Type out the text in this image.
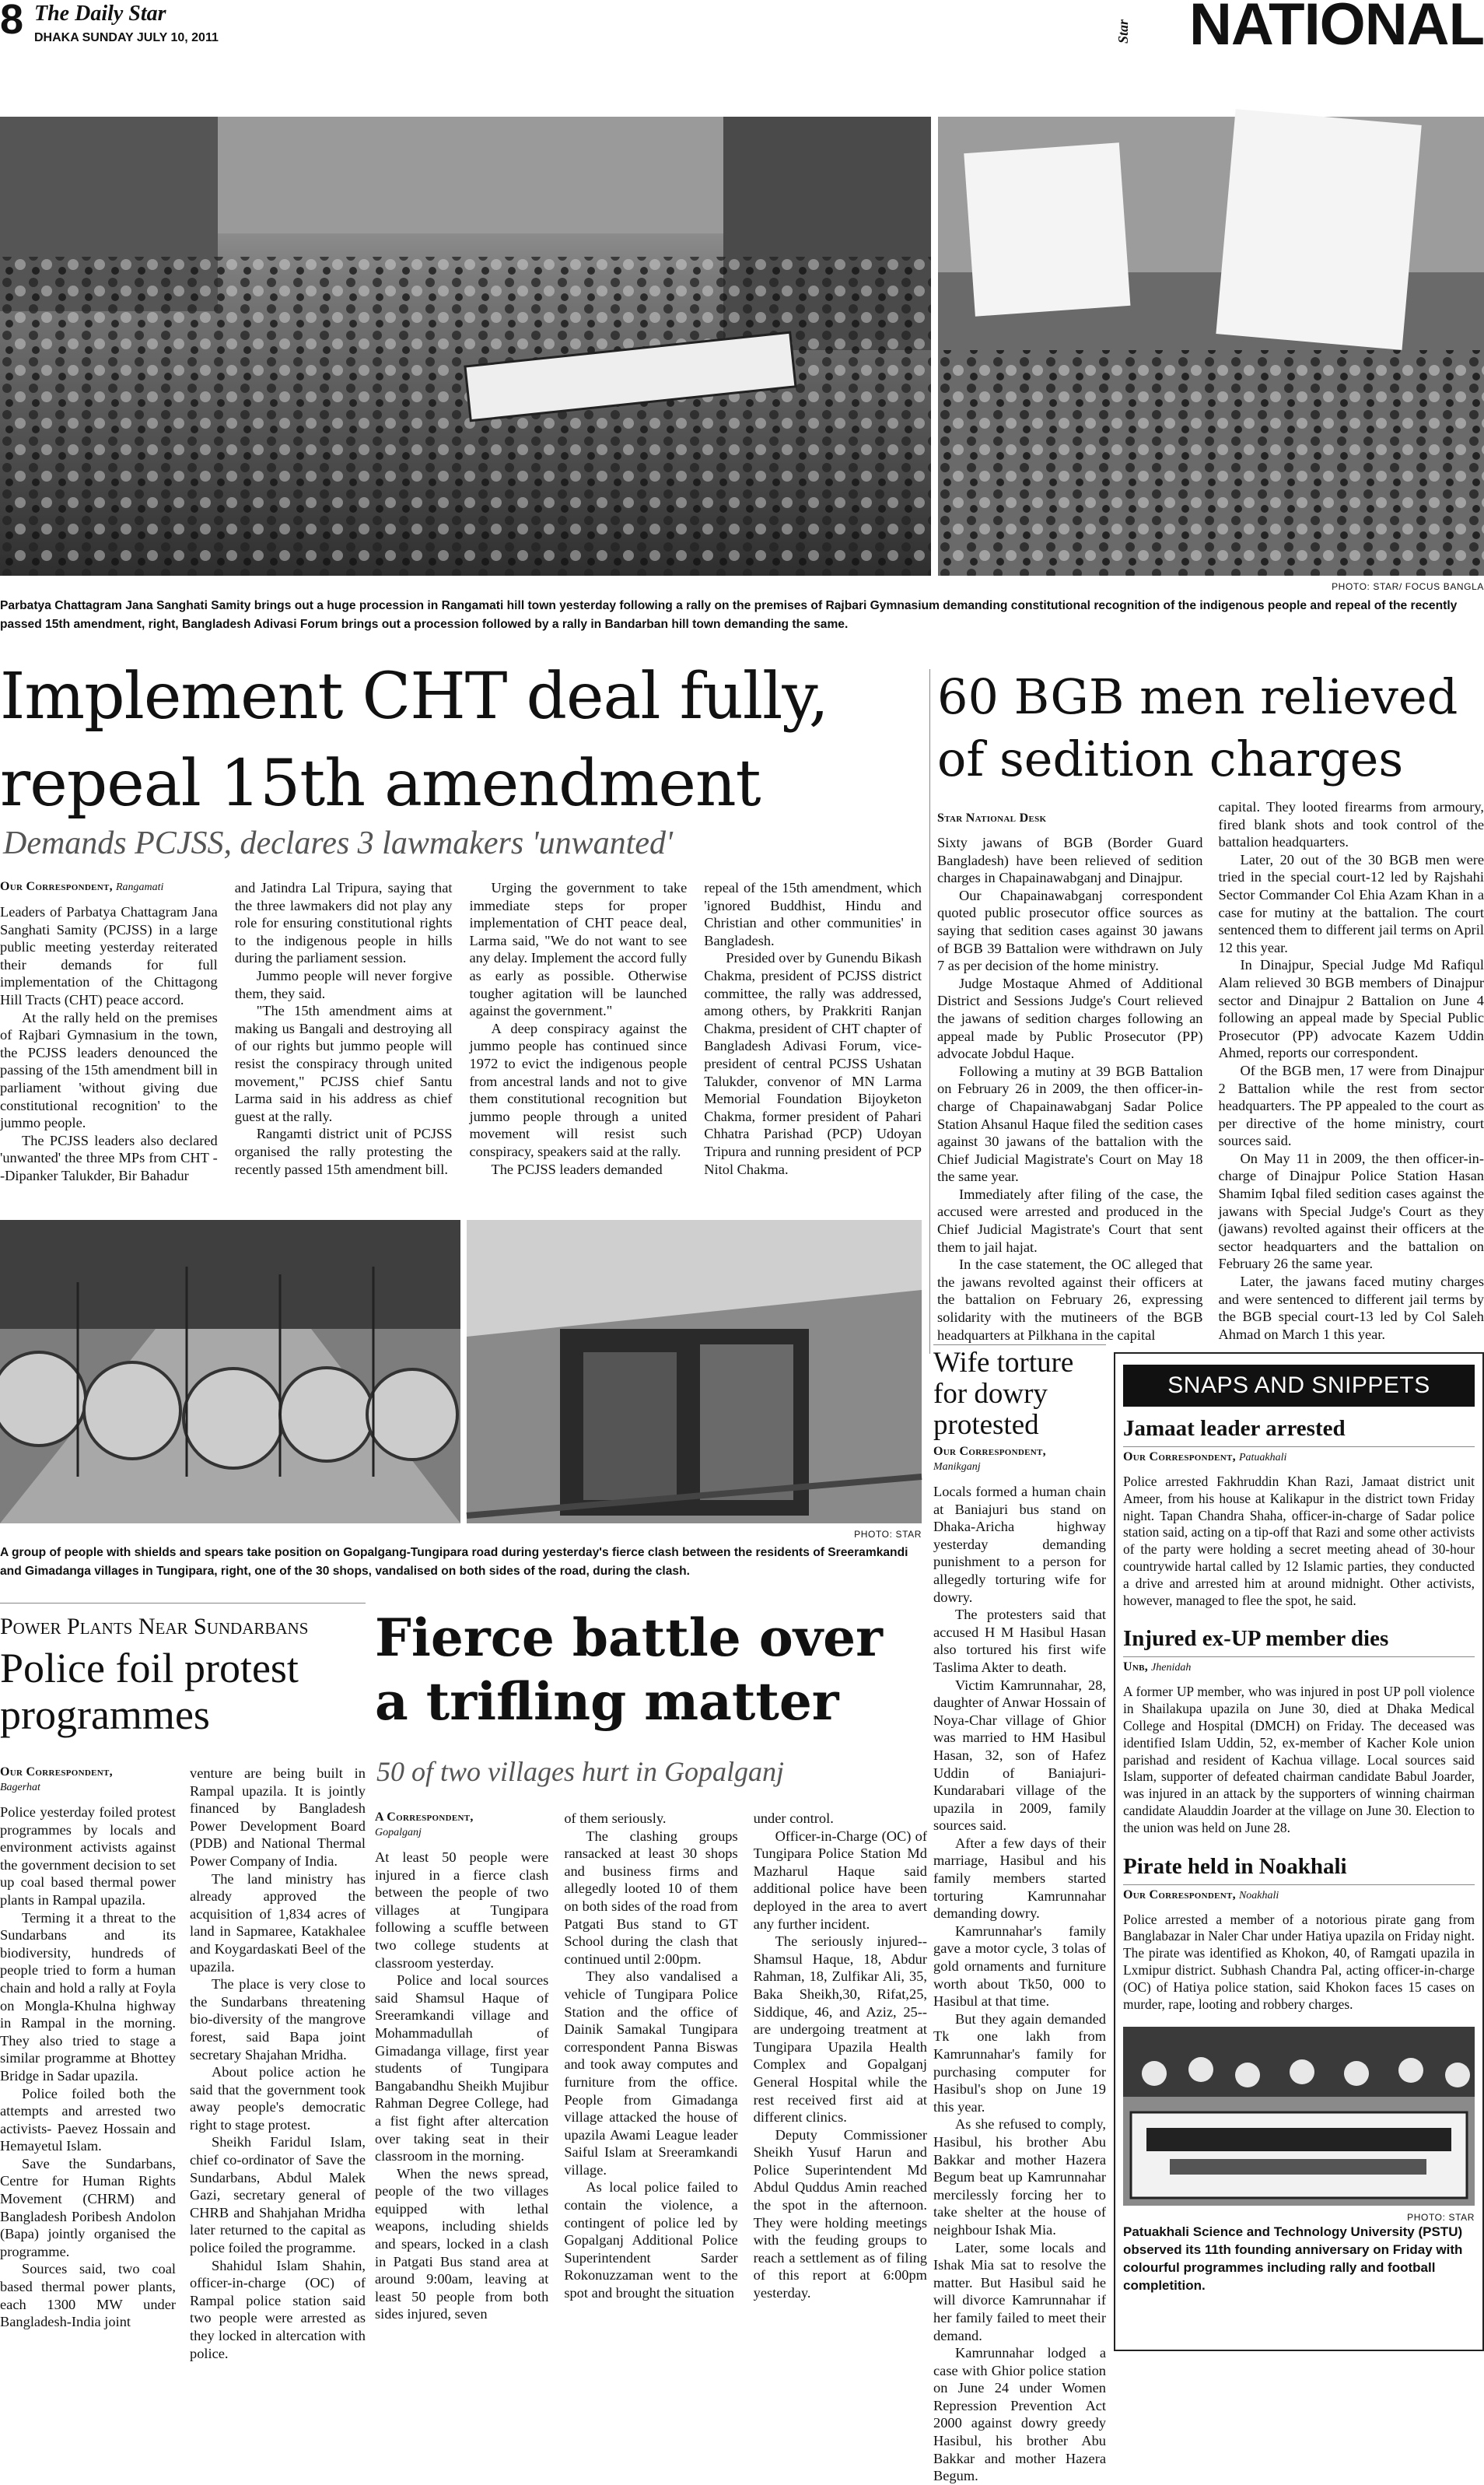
8 The Daily Star
DHAKA SUNDAY JULY 10, 2011	Star NATIONAL
PHOTO: STAR/ FOCUS BANGLA
Parbatya Chattagram Jana Sanghati Samity brings out a huge procession in Rangamati hill town yesterday following a rally on the premises of Rajbari Gymnasium demanding constitutional recognition of the indigenous people and repeal of the recently passed 15th amendment, right, Bangladesh Adivasi Forum brings out a procession followed by a rally in Bandarban hill town demanding the same.
Implement CHT deal fully, repeal 15th amendment
Demands PCJSS, declares 3 lawmakers 'unwanted'
Our Correspondent, Rangamati

Leaders of Parbatya Chattagram Jana Sanghati Samity (PCJSS) in a large public meeting yesterday reiterated their demands for full implementation of the Chittagong Hill Tracts (CHT) peace accord.

At the rally held on the premises of Rajbari Gymnasium in the town, the PCJSS leaders denounced the passing of the 15th amendment bill in parliament 'without giving due constitutional recognition' to the jummo people.

The PCJSS leaders also declared 'unwanted' the three MPs from CHT --Dipanker Talukder, Bir Bahadur

and Jatindra Lal Tripura, saying that the three lawmakers did not play any role for ensuring constitutional rights to the indigenous people in hills during the parliament session.

Jummo people will never forgive them, they said.

"The 15th amendment aims at making us Bangali and destroying all of our rights but jummo people will resist the conspiracy through united movement," PCJSS chief Santu Larma said in his address as chief guest at the rally.

Rangamti district unit of PCJSS organised the rally protesting the recently passed 15th amendment bill.

Urging the government to take immediate steps for proper implementation of CHT peace deal, Larma said, "We do not want to see any delay. Implement the accord fully as early as possible. Otherwise tougher agitation will be launched against the government."

A deep conspiracy against the jummo people has continued since 1972 to evict the indigenous people from ancestral lands and not to give them constitutional recognition but jummo people through a united movement will resist such conspiracy, speakers said at the rally.

The PCJSS leaders demanded

repeal of the 15th amendment, which 'ignored Buddhist, Hindu and Christian and other communities' in Bangladesh.

Presided over by Gunendu Bikash Chakma, president of PCJSS district committee, the rally was addressed, among others, by Prakkriti Ranjan Chakma, president of CHT chapter of Bangladesh Adivasi Forum, vice-president of central PCJSS Ushatan Talukder, convenor of MN Larma Memorial Foundation Bijoyketon Chakma, former president of Pahari Chhatra Parishad (PCP) Udoyan Tripura and running president of PCP Nitol Chakma.

60 BGB men relieved of sedition charges
Star National Desk

Sixty jawans of BGB (Border Guard Bangladesh) have been relieved of sedition charges in Chapainawabganj and Dinajpur.

Our Chapainawabganj correspondent quoted public prosecutor office sources as saying that sedition cases against 30 jawans of BGB 39 Battalion were withdrawn on July 7 as per decision of the home ministry.

Judge Mostaque Ahmed of Additional District and Sessions Judge's Court relieved the jawans of sedition charges following an appeal made by Public Prosecutor (PP) advocate Jobdul Haque.

Following a mutiny at 39 BGB Battalion on February 26 in 2009, the then officer-in-charge of Chapainawabganj Sadar Police Station Ahsanul Haque filed the sedition cases against 30 jawans of the battalion with the Chief Judicial Magistrate's Court on May 18 the same year.

Immediately after filing of the case, the accused were arrested and produced in the Chief Judicial Magistrate's Court that sent them to jail hajat.

In the case statement, the OC alleged that the jawans revolted against their officers at the battalion on February 26, expressing solidarity with the mutineers of the BGB headquarters at Pilkhana in the capital

capital. They looted firearms from armoury, fired blank shots and took control of the battalion headquarters.

Later, 20 out of the 30 BGB men were tried in the special court-12 led by Rajshahi Sector Commander Col Ehia Azam Khan in a case for mutiny at the battalion. The court sentenced them to different jail terms on April 12 this year.

In Dinajpur, Special Judge Md Rafiqul Alam relieved 30 BGB members of Dinajpur sector and Dinajpur 2 Battalion on June 4 following an appeal made by Special Public Prosecutor (PP) advocate Kazem Uddin Ahmed, reports our correspondent.

Of the BGB men, 17 were from Dinajpur 2 Battalion while the rest from sector headquarters. The PP appealed to the court as per directive of the home ministry, court sources said.

On May 11 in 2009, the then officer-in-charge of Dinajpur Police Station Hasan Shamim Iqbal filed sedition cases against the jawans with Special Judge's Court as they (jawans) revolted against their officers at the sector headquarters and the battalion on February 26 the same year.

Later, the jawans faced mutiny charges and were sentenced to different jail terms by the BGB special court-13 led by Col Saleh Ahmad on March 1 this year.

PHOTO: STAR
A group of people with shields and spears take position on Gopalgang-Tungipara road during yesterday's fierce clash between the residents of Sreeramkandi and Gimadanga villages in Tungipara, right, one of the 30 shops, vandalised on both sides of the road, during the clash.
Wife torture for dowry protested
Our Correspondent,
Manikganj

Locals formed a human chain at Baniajuri bus stand on Dhaka-Aricha highway yesterday demanding punishment to a person for allegedly torturing wife for dowry.

The protesters said that accused H M Hasibul Hasan also tortured his first wife Taslima Akter to death.

Victim Kamrunnahar, 28, daughter of Anwar Hossain of Noya-Char village of Ghior was married to HM Hasibul Hasan, 32, son of Hafez Uddin of Baniajuri-Kundarabari village of the upazila in 2009, family sources said.

After a few days of their marriage, Hasibul and his family members started torturing Kamrunnahar demanding dowry.

Kamrunnahar's family gave a motor cycle, 3 tolas of gold ornaments and furniture worth about Tk50, 000 to Hasibul at that time.

But they again demanded Tk one lakh from Kamrunnahar's family for purchasing computer for Hasibul's shop on June 19 this year.

As she refused to comply, Hasibul, his brother Abu Bakkar and mother Hazera Begum beat up Kamrunnahar mercilessly forcing her to take shelter at the house of neighbour Ishak Mia.

Later, some locals and Ishak Mia sat to resolve the matter. But Hasibul said he will divorce Kamrunnahar if her family failed to meet their demand.

Kamrunnahar lodged a case with Ghior police station on June 24 under Women Repression Prevention Act 2000 against dowry greedy Hasibul, his brother Abu Bakkar and mother Hazera Begum.

Power Plants Near Sundarbans
Police foil protest programmes
Our Correspondent,
Bagerhat

Police yesterday foiled protest programmes by locals and environment activists against the government decision to set up coal based thermal power plants in Rampal upazila.

Terming it a threat to the Sundarbans and its biodiversity, hundreds of people tried to form a human chain and hold a rally at Foyla on Mongla-Khulna highway in Rampal in the morning. They also tried to stage a similar programme at Bhottey Bridge in Sadar upazila.

Police foiled both the attempts and arrested two activists- Paevez Hossain and Hemayetul Islam.

Save the Sundarbans, Centre for Human Rights Movement (CHRM) and Bangladesh Poribesh Andolon (Bapa) jointly organised the programme.

Sources said, two coal based thermal power plants, each 1300 MW under Bangladesh-India joint

venture are being built in Rampal upazila. It is jointly financed by Bangladesh Power Development Board (PDB) and National Thermal Power Company of India.

The land ministry has already approved the acquisition of 1,834 acres of land in Sapmaree, Katakhalee and Koygardaskati Beel of the upazila.

The place is very close to the Sundarbans threatening bio-diversity of the mangrove forest, said Bapa joint secretary Shajahan Mridha.

About police action he said that the government took away people's democratic right to stage protest.

Sheikh Faridul Islam, chief co-ordinator of Save the Sundarbans, Abdul Malek Gazi, secretary general of CHRB and Shahjahan Mridha later returned to the capital as police foiled the programme.

Shahidul Islam Shahin, officer-in-charge (OC) of Rampal police station said two people were arrested as they locked in altercation with police.

Fierce battle over a trifling matter
50 of two villages hurt in Gopalganj
A Correspondent,
Gopalganj

At least 50 people were injured in a fierce clash between the people of two villages at Tungipara following a scuffle between two college students at classroom yesterday.

Police and local sources said Shamsul Haque of Sreeramkandi village and Mohammadullah of Gimadanga village, first year students of Tungipara Bangabandhu Sheikh Mujibur Rahman Degree College, had a fist fight after altercation over taking seat in their classroom in the morning.

When the news spread, people of the two villages equipped with lethal weapons, including shields and spears, locked in a clash in Patgati Bus stand area at around 9:00am, leaving at least 50 people from both sides injured, seven

of them seriously.

The clashing groups ransacked at least 30 shops and business firms and allegedly looted 10 of them on both sides of the road from Patgati Bus stand to GT School during the clash that continued until 2:00pm.

They also vandalised a vehicle of Tungipara Police Station and the office of Dainik Samakal Tungipara correspondent Panna Biswas and took away computes and furniture from the office. People from Gimadanga village attacked the house of upazila Awami League leader Saiful Islam at Sreeramkandi village.

As local police failed to contain the violence, a contingent of police led by Gopalganj Additional Police Superintendent Sarder Rokonuzzaman went to the spot and brought the situation

under control.

Officer-in-Charge (OC) of Tungipara Police Station Md Mazharul Haque said additional police have been deployed in the area to avert any further incident.

The seriously injured--Shamsul Haque, 18, Abdur Rahman, 18, Zulfikar Ali, 35, Baka Sheikh,30, Rifat,25, Siddique, 46, and Aziz, 25--are undergoing treatment at Tungipara Upazila Health Complex and Gopalganj General Hospital while the rest received first aid at different clinics.

Deputy Commissioner Sheikh Yusuf Harun and Police Superintendent Md Abdul Quddus Amin reached the spot in the afternoon. They were holding meetings with the feuding groups to reach a settlement as of filing of this report at 6:00pm yesterday.

SNAPS AND SNIPPETS
Jamaat leader arrested
Our Correspondent, Patuakhali

Police arrested Fakhruddin Khan Razi, Jamaat district unit Ameer, from his house at Kalikapur in the district town Friday night. Tapan Chandra Shaha, officer-in-charge of Sadar police station said, acting on a tip-off that Razi and some other activists of the party were holding a secret meeting ahead of 30-hour countrywide hartal called by 12 Islamic parties, they conducted a drive and arrested him at around midnight. Other activists, however, managed to flee the spot, he said.

Injured ex-UP member dies
Unb, Jhenidah

A former UP member, who was injured in post UP poll violence in Shailakupa upazila on June 30, died at Dhaka Medical College and Hospital (DMCH) on Friday. The deceased was identified Islam Uddin, 52, ex-member of Kacher Kole union parishad and resident of Kachua village. Local sources said Islam, supporter of defeated chairman candidate Babul Joarder, was injured in an attack by the supporters of winning chairman candidate Alauddin Joarder at the village on June 30. Election to the union was held on June 28.

Pirate held in Noakhali
Our Correspondent, Noakhali

Police arrested a member of a notorious pirate gang from Banglabazar in Naler Char under Hatiya upazila on Friday night. The pirate was identified as Khokon, 40, of Ramgati upazila in Lxmipur district. Subhash Chandra Pal, acting officer-in-charge (OC) of Hatiya police station, said Khokon faces 15 cases on murder, rape, looting and robbery charges.

PHOTO: STAR

Patuakhali Science and Technology University (PSTU) observed its 11th founding anniversary on Friday with colourful programmes including rally and football completition.
